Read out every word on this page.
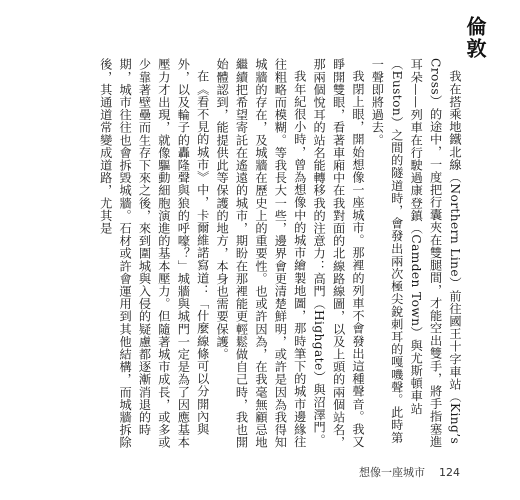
倫敦

我在搭乘地鐵北線（Northern Line）前往國王十字車站（King’s Cross）的途中，一度把行囊夾在雙腿間，才能空出雙手，將手指塞進耳朵——列車在行駛過康登鎮（Camden Town）與尤斯頓車站（Euston）之間的隧道時，會發出兩次極尖銳刺耳的嘎嘰聲。此時第一聲即將過去。

我閉上眼，開始想像一座城市。那裡的列車不會發出這種聲音。我又睜開雙眼，看著車廂中在我對面的北線路線圖，以及上頭的兩個站名，那兩個悅耳的站名能轉移我的注意力：高門（Highgate）與沼澤門。

我年紀很小時，曾為想像中的城市繪製地圖，那時筆下的城市邊緣往往粗略而模糊。等我長大一些，邊界會更清楚鮮明，或許是因為我得知城牆的存在，及城牆在歷史上的重要性。也或許因為，在我毫無顧忌地繼續把希望寄託在遙遠的城市，期盼在那裡能更輕鬆做自己時，我也開始體認到，能提供此等保護的地方，本身也需要保護。

在《看不見的城市》中，卡爾維諾寫道：「什麼線條可以分開內與外，以及輪子的轟隆聲與狼的呼嚎？」城牆與城門一定是為了因應基本壓力才出現，就像驅動細胞演進的基本壓力。但隨著城市成長，或多或少靠著壁壘而生存下來之後，來到圍城與入侵的疑慮都逐漸消退的時期，城市往往也會拆毀城牆。石材或許會運用到其他結構，而城牆拆除後，其通道常變成道路，尤其是

想像一座城市 124
